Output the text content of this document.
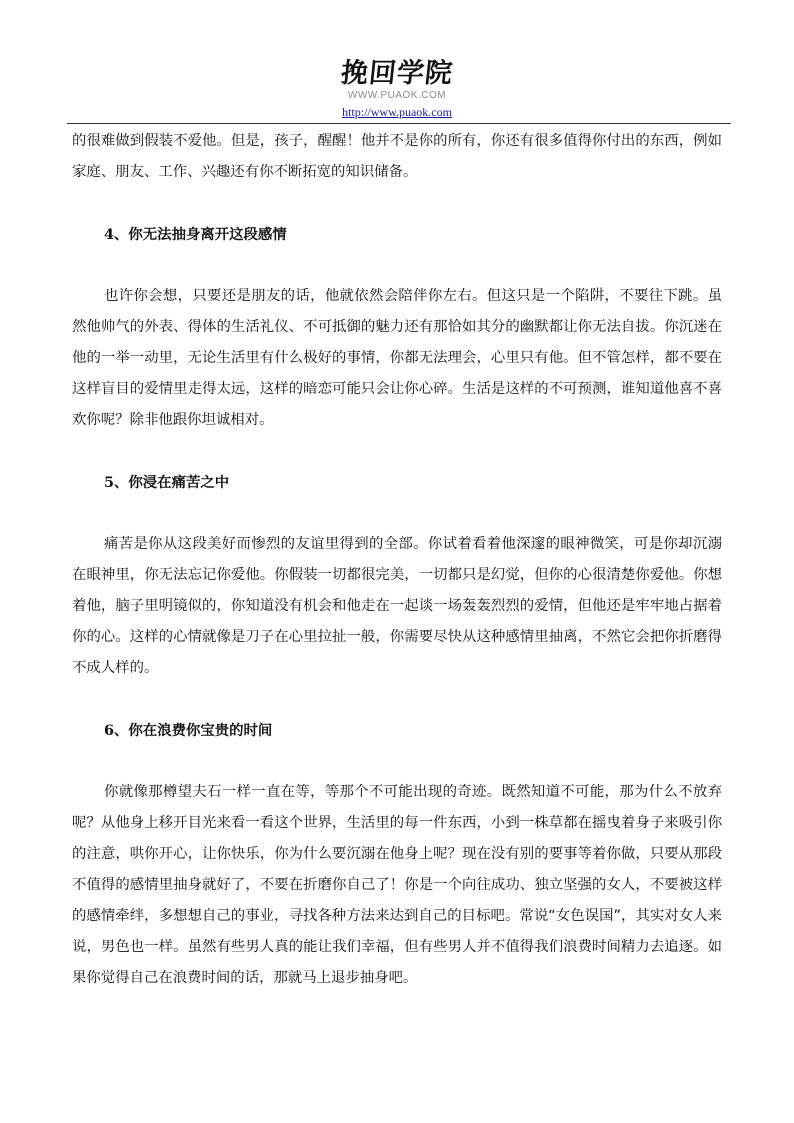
挽回学院
WWW.PUAOK.COM
http://www.puaok.com

的很难做到假装不爱他。但是，孩子，醒醒！他并不是你的所有，你还有很多值得你付出的东西，例如家庭、朋友、工作、兴趣还有你不断拓宽的知识储备。

4、你无法抽身离开这段感情

也许你会想，只要还是朋友的话，他就依然会陪伴你左右。但这只是一个陷阱，不要往下跳。虽然他帅气的外表、得体的生活礼仪、不可抵御的魅力还有那恰如其分的幽默都让你无法自拔。你沉迷在他的一举一动里，无论生活里有什么极好的事情，你都无法理会，心里只有他。但不管怎样，都不要在这样盲目的爱情里走得太远，这样的暗恋可能只会让你心碎。生活是这样的不可预测，谁知道他喜不喜欢你呢？除非他跟你坦诚相对。

5、你浸在痛苦之中

痛苦是你从这段美好而惨烈的友谊里得到的全部。你试着看着他深邃的眼神微笑，可是你却沉溺在眼神里，你无法忘记你爱他。你假装一切都很完美，一切都只是幻觉，但你的心很清楚你爱他。你想着他，脑子里明镜似的，你知道没有机会和他走在一起谈一场轰轰烈烈的爱情，但他还是牢牢地占据着你的心。这样的心情就像是刀子在心里拉扯一般，你需要尽快从这种感情里抽离，不然它会把你折磨得不成人样的。

6、你在浪费你宝贵的时间

你就像那樽望夫石一样一直在等，等那个不可能出现的奇迹。既然知道不可能，那为什么不放弃呢？从他身上移开目光来看一看这个世界，生活里的每一件东西，小到一株草都在摇曳着身子来吸引你的注意，哄你开心，让你快乐，你为什么要沉溺在他身上呢？现在没有别的要事等着你做，只要从那段不值得的感情里抽身就好了，不要在折磨你自己了！你是一个向往成功、独立坚强的女人，不要被这样的感情牵绊，多想想自己的事业，寻找各种方法来达到自己的目标吧。常说“女色误国”，其实对女人来说，男色也一样。虽然有些男人真的能让我们幸福，但有些男人并不值得我们浪费时间精力去追逐。如果你觉得自己在浪费时间的话，那就马上退步抽身吧。
